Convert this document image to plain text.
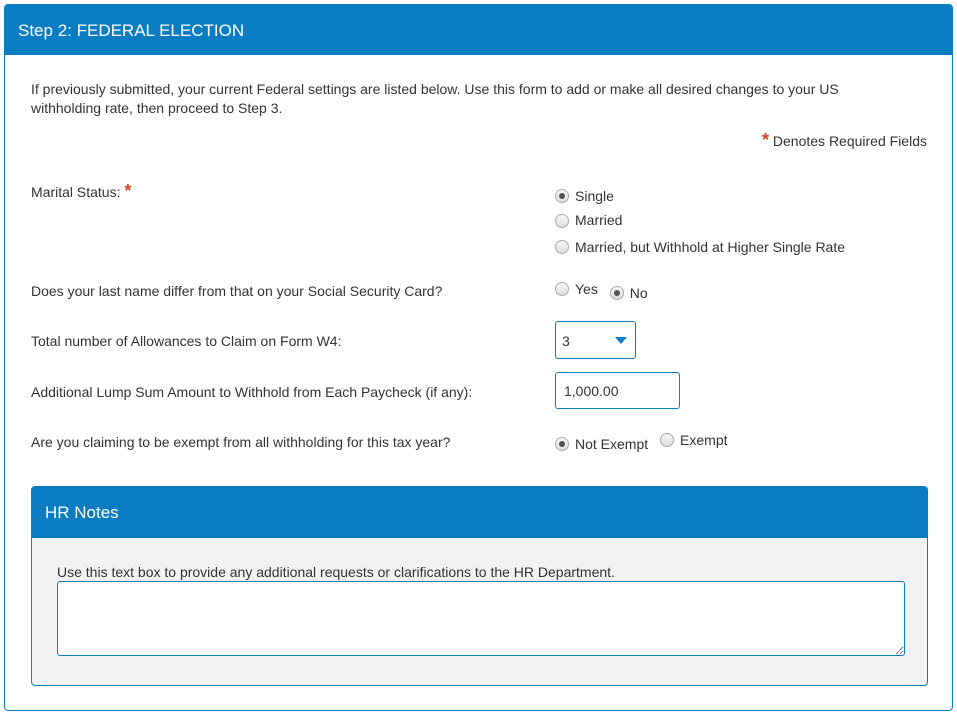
Step 2: FEDERAL ELECTION
If previously submitted, your current Federal settings are listed below. Use this form to add or make all desired changes to your US withholding rate, then proceed to Step 3.
* Denotes Required Fields
Marital Status: *	Single
Married
Married, but Withhold at Higher Single Rate
Does your last name differ from that on your Social Security Card?	Yes
No
Total number of Allowances to Claim on Form W4:	3
Additional Lump Sum Amount to Withhold from Each Paycheck (if any):
1,000.00
Are you claiming to be exempt from all withholding for this tax year?	Not Exempt
Exempt
HR Notes
Use this text box to provide any additional requests or clarifications to the HR Department.
